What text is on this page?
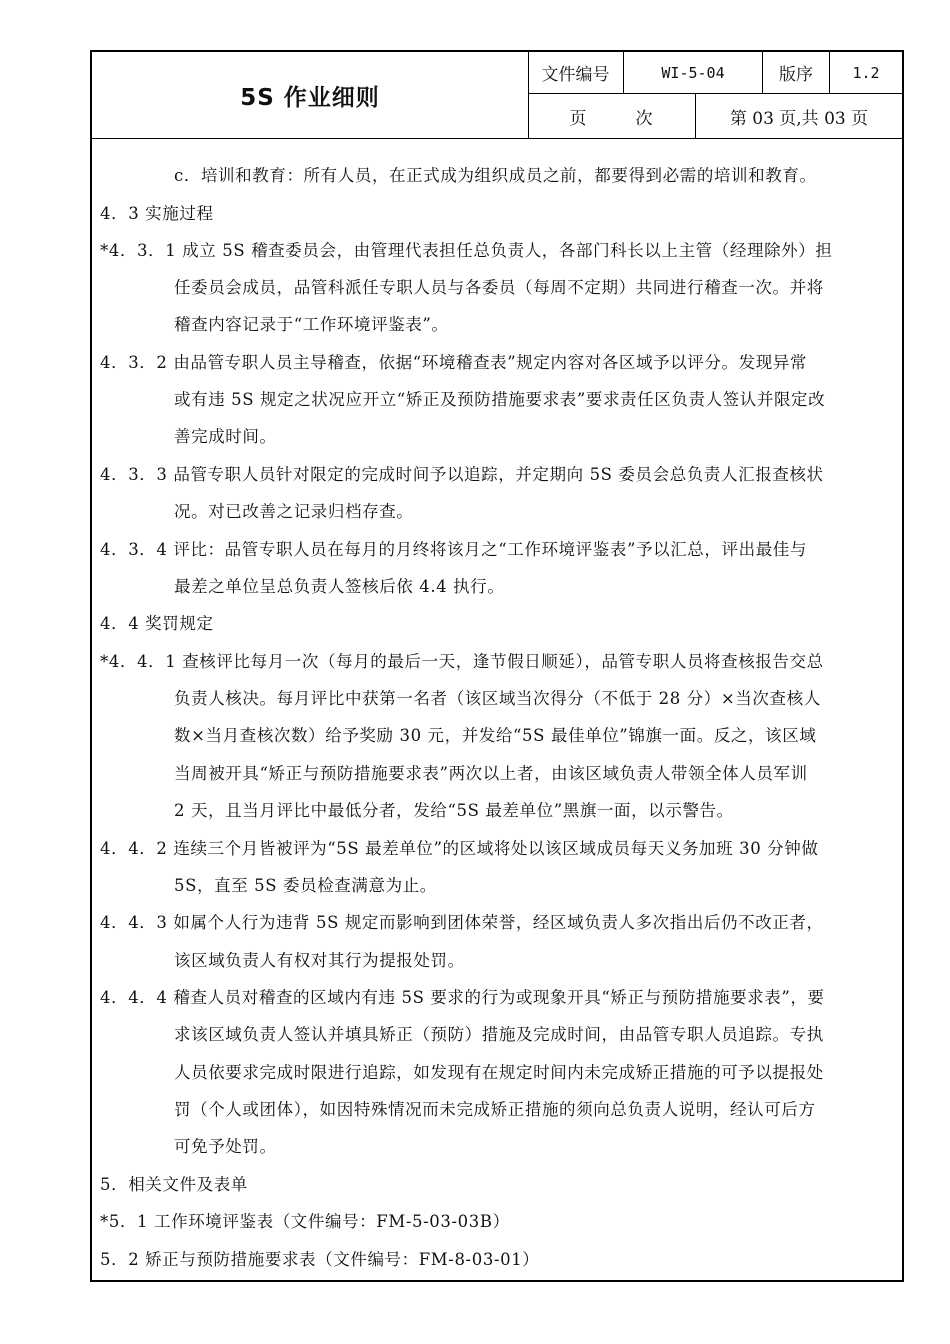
5S 作业细则
文件编号	WI-5-04	版序	1.2
页	次	第 03 页,共 03 页
c．培训和教育：所有人员，在正式成为组织成员之前，都要得到必需的培训和教育。
4．3 实施过程
*4．3．1 成立 5S 稽查委员会，由管理代表担任总负责人，各部门科长以上主管（经理除外）担
任委员会成员，品管科派任专职人员与各委员（每周不定期）共同进行稽查一次。并将
稽查内容记录于“工作环境评鉴表”。
4．3．2 由品管专职人员主导稽查，依据“环境稽查表”规定内容对各区域予以评分。发现异常
或有违 5S 规定之状况应开立“矫正及预防措施要求表”要求责任区负责人签认并限定改
善完成时间。
4．3．3 品管专职人员针对限定的完成时间予以追踪，并定期向 5S 委员会总负责人汇报查核状
况。对已改善之记录归档存查。
4．3．4 评比：品管专职人员在每月的月终将该月之“工作环境评鉴表”予以汇总，评出最佳与
最差之单位呈总负责人签核后依 4.4 执行。
4．4 奖罚规定
*4．4．1 查核评比每月一次（每月的最后一天，逢节假日顺延），品管专职人员将查核报告交总
负责人核决。每月评比中获第一名者（该区域当次得分（不低于 28 分）×当次查核人
数×当月查核次数）给予奖励 30 元，并发给“5S 最佳单位”锦旗一面。反之，该区域
当周被开具“矫正与预防措施要求表”两次以上者，由该区域负责人带领全体人员军训
2 天，且当月评比中最低分者，发给“5S 最差单位”黑旗一面，以示警告。
4．4．2 连续三个月皆被评为“5S 最差单位”的区域将处以该区域成员每天义务加班 30 分钟做
5S，直至 5S 委员检查满意为止。
4．4．3 如属个人行为违背 5S 规定而影响到团体荣誉，经区域负责人多次指出后仍不改正者，
该区域负责人有权对其行为提报处罚。
4．4．4 稽查人员对稽查的区域内有违 5S 要求的行为或现象开具“矫正与预防措施要求表”，要
求该区域负责人签认并填具矫正（预防）措施及完成时间，由品管专职人员追踪。专执
人员依要求完成时限进行追踪，如发现有在规定时间内未完成矫正措施的可予以提报处
罚（个人或团体），如因特殊情况而未完成矫正措施的须向总负责人说明，经认可后方
可免予处罚。
5．相关文件及表单
*5．1 工作环境评鉴表（文件编号：FM-5-03-03B）
5．2 矫正与预防措施要求表（文件编号：FM-8-03-01）
